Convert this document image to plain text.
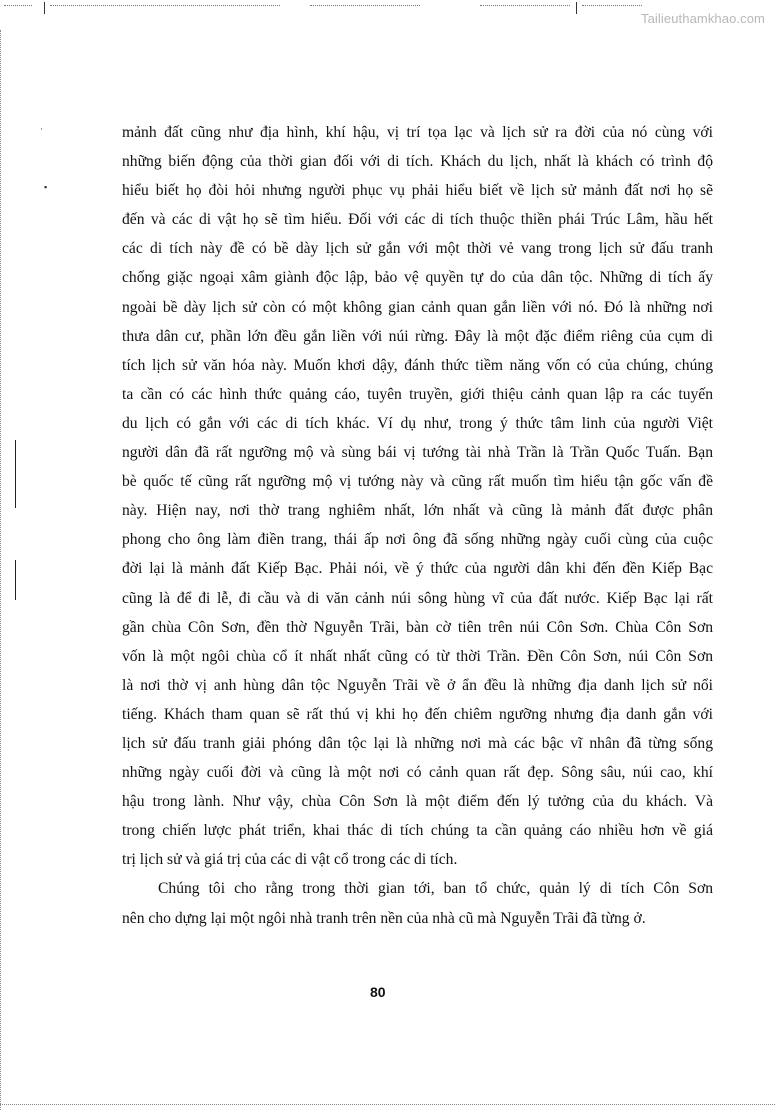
Tailieuthamkhao.com
·
▪

mảnh đất cũng như địa hình, khí hậu, vị trí tọa lạc và lịch sử ra đời của nó cùng với
những biến động của thời gian đối với di tích. Khách du lịch, nhất là khách có trình độ
hiểu biết họ đòi hỏi nhưng người phục vụ phải hiểu biết về lịch sử mảnh đất nơi họ sẽ
đến và các di vật họ sẽ tìm hiểu. Đối với các di tích thuộc thiền phái Trúc Lâm, hầu hết
các di tích này đề có bề dày lịch sử gắn với một thời vẻ vang trong lịch sử đấu tranh
chống giặc ngoại xâm giành độc lập, bảo vệ quyền tự do của dân tộc. Những di tích ấy
ngoài bề dày lịch sử còn có một không gian cảnh quan gắn liền với nó. Đó là những nơi
thưa dân cư, phần lớn đều gắn liền với núi rừng. Đây là một đặc điểm riêng của cụm di
tích lịch sử văn hóa này. Muốn khơi dậy, đánh thức tiềm năng vốn có của chúng, chúng
ta cần có các hình thức quảng cáo, tuyên truyền, giới thiệu cảnh quan lập ra các tuyến
du lịch có gắn với các di tích khác. Ví dụ như, trong ý thức tâm linh của người Việt
người dân đã rất ngưỡng mộ và sùng bái vị tướng tài nhà Trần là Trần Quốc Tuấn. Bạn
bè quốc tế cũng rất ngưỡng mộ vị tướng này và cũng rất muốn tìm hiểu tận gốc vấn đề
này. Hiện nay, nơi thờ trang nghiêm nhất, lớn nhất và cũng là mảnh đất được phân
phong cho ông làm điền trang, thái ấp nơi ông đã sống những ngày cuối cùng của cuộc
đời lại là mảnh đất Kiếp Bạc. Phải nói, về ý thức của người dân khi đến đền Kiếp Bạc
cũng là để đi lễ, đi cầu và di văn cảnh núi sông hùng vĩ của đất nước. Kiếp Bạc lại rất
gần chùa Côn Sơn, đền thờ Nguyễn Trãi, bàn cờ tiên trên núi Côn Sơn. Chùa Côn Sơn
vốn là một ngôi chùa cổ ít nhất nhất cũng có từ thời Trần. Đền Côn Sơn, núi Côn Sơn
là nơi thờ vị anh hùng dân tộc Nguyễn Trãi về ở ẩn đều là những địa danh lịch sử nổi
tiếng. Khách tham quan sẽ rất thú vị khi họ đến chiêm ngưỡng nhưng địa danh gắn với
lịch sử đấu tranh giải phóng dân tộc lại là những nơi mà các bậc vĩ nhân đã từng sống
những ngày cuối đời và cũng là một nơi có cảnh quan rất đẹp. Sông sâu, núi cao, khí
hậu trong lành. Như vậy, chùa Côn Sơn là một điểm đến lý tưởng của du khách. Và
trong chiến lược phát triển, khai thác di tích chúng ta cần quảng cáo nhiều hơn về giá
trị lịch sử và giá trị của các di vật cổ trong các di tích.

Chúng tôi cho rằng trong thời gian tới, ban tổ chức, quản lý di tích Côn Sơn
nên cho dựng lại một ngôi nhà tranh trên nền của nhà cũ mà Nguyễn Trãi đã từng ở.

80
